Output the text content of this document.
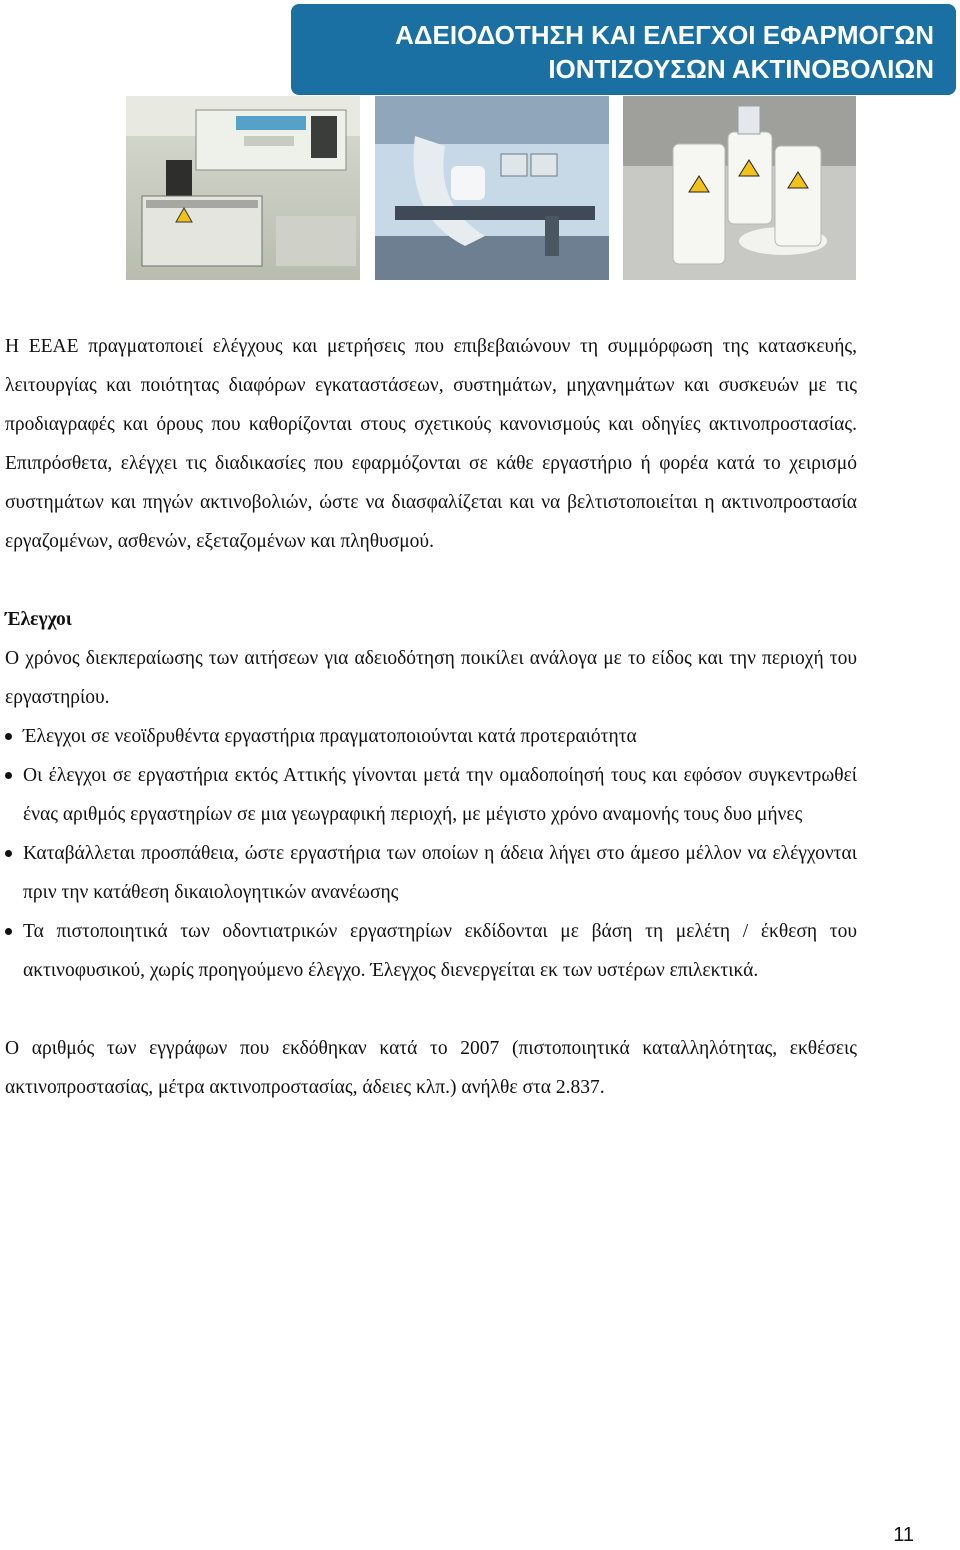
ΑΔΕΙΟΔΟΤΗΣΗ ΚΑΙ ΕΛΕΓΧΟΙ ΕΦΑΡΜΟΓΩΝ
ΙΟΝΤΙΖΟΥΣΩΝ ΑΚΤΙΝΟΒΟΛΙΩΝ

Η ΕΕΑΕ πραγματοποιεί ελέγχους και μετρήσεις που επιβεβαιώνουν τη συμμόρφωση της κατασκευής, λειτουργίας και ποιότητας διαφόρων εγκαταστάσεων, συστημάτων, μηχανημάτων και συσκευών με τις προδιαγραφές και όρους που καθορίζονται στους σχετικούς κανονισμούς και οδηγίες ακτινοπροστασίας. Επιπρόσθετα, ελέγχει τις διαδικασίες που εφαρμόζονται σε κάθε εργαστήριο ή φορέα κατά το χειρισμό συστημάτων και πηγών ακτινοβολιών, ώστε να διασφαλίζεται και να βελτιστοποιείται η ακτινοπροστασία εργαζομένων, ασθενών, εξεταζομένων και πληθυσμού.

Έλεγχοι

Ο χρόνος διεκπεραίωσης των αιτήσεων για αδειοδότηση ποικίλει ανάλογα με το είδος και την περιοχή του εργαστηρίου.

Έλεγχοι σε νεοϊδρυθέντα εργαστήρια πραγματοποιούνται κατά προτεραιότητα
Οι έλεγχοι σε εργαστήρια εκτός Αττικής γίνονται μετά την ομαδοποίησή τους και εφόσον συγκεντρωθεί ένας αριθμός εργαστηρίων σε μια γεωγραφική περιοχή, με μέγιστο χρόνο αναμονής τους δυο μήνες
Καταβάλλεται προσπάθεια, ώστε εργαστήρια των οποίων η άδεια λήγει στο άμεσο μέλλον να ελέγχονται πριν την κατάθεση δικαιολογητικών ανανέωσης
Τα πιστοποιητικά των οδοντιατρικών εργαστηρίων εκδίδονται με βάση τη μελέτη / έκθεση του ακτινοφυσικού, χωρίς προηγούμενο έλεγχο. Έλεγχος διενεργείται εκ των υστέρων επιλεκτικά.

Ο αριθμός των εγγράφων που εκδόθηκαν κατά το 2007 (πιστοποιητικά καταλληλότητας, εκθέσεις ακτινοπροστασίας, μέτρα ακτινοπροστασίας, άδειες κλπ.) ανήλθε στα 2.837.

11
